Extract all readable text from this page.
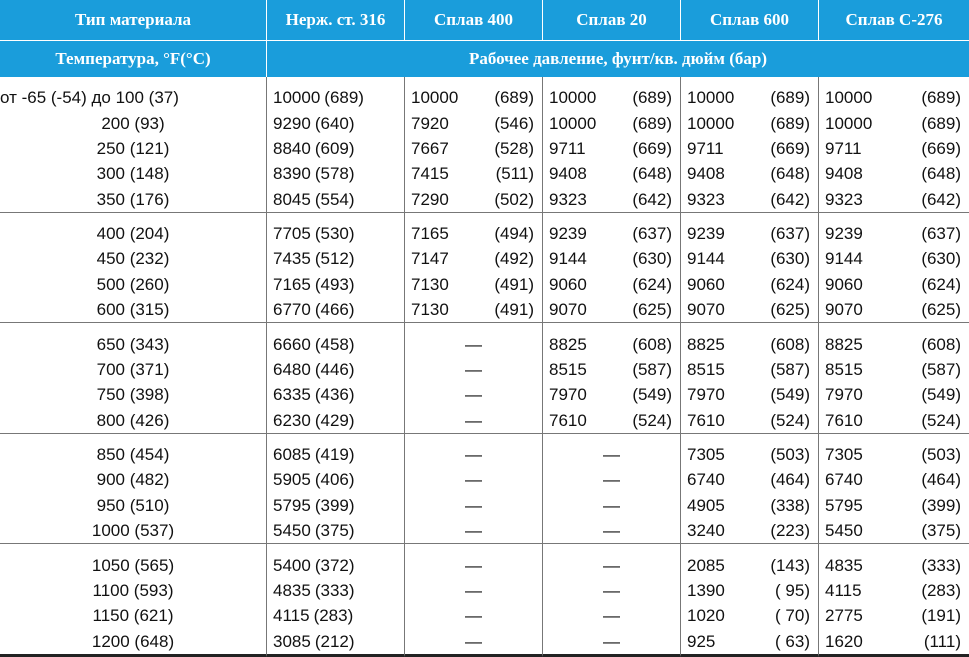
Тип материала	Нерж. ст. 316	Сплав 400	Сплав 20	Сплав 600	Сплав C-276
Температура, °F(°C)	Рабочее давление, фунт/кв. дюйм (бар)				

от -65 (-54) до 100 (37)	10000 (689)	10000 (689)	10000 (689)	10000 (689)	10000 (689)

200 (93)	9290 (640)	7920 (546)	10000 (689)	10000 (689)	10000 (689)

250 (121)	8840 (609)	7667 (528)	9711 (669)	9711 (669)	9711 (669)

300 (148)	8390 (578)	7415 (511)	9408 (648)	9408 (648)	9408 (648)

350 (176)	8045 (554)	7290 (502)	9323 (642)	9323 (642)	9323 (642)

400 (204)	7705 (530)	7165 (494)	9239 (637)	9239 (637)	9239 (637)

450 (232)	7435 (512)	7147 (492)	9144 (630)	9144 (630)	9144 (630)

500 (260)	7165 (493)	7130 (491)	9060 (624)	9060 (624)	9060 (624)

600 (315)	6770 (466)	7130 (491)	9070 (625)	9070 (625)	9070 (625)

650 (343)	6660 (458)	—	8825 (608)	8825 (608)	8825 (608)

700 (371)	6480 (446)	—	8515 (587)	8515 (587)	8515 (587)

750 (398)	6335 (436)	—	7970 (549)	7970 (549)	7970 (549)

800 (426)	6230 (429)	—	7610 (524)	7610 (524)	7610 (524)

850 (454)	6085 (419)	—	—	7305 (503)	7305 (503)

900 (482)	5905 (406)	—	—	6740 (464)	6740 (464)

950 (510)	5795 (399)	—	—	4905 (338)	5795 (399)

1000 (537)	5450 (375)	—	—	3240 (223)	5450 (375)

1050 (565)	5400 (372)	—	—	2085 (143)	4835 (333)

1100 (593)	4835 (333)	—	—	1390 ( 95)	4115 (283)

1150 (621)	4115 (283)	—	—	1020 ( 70)	2775 (191)

1200 (648)	3085 (212)	—	—	925 ( 63)	1620 (111)
